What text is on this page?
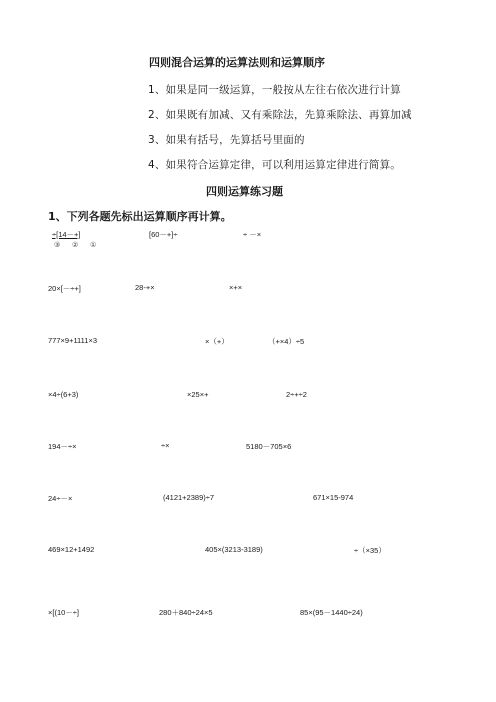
四则混合运算的运算法则和运算顺序
1、如果是同一级运算，一般按从左往右依次进行计算
2、如果既有加减、又有乘除法，先算乘除法、再算加减
3、如果有括号，先算括号里面的
4、如果符合运算定律，可以利用运算定律进行简算。
四则运算练习题
1、下列各题先标出运算顺序再计算。
÷[14－+]	[60－+]÷	÷ －×
③ ② ①
20×[－÷+]	28-+×	×+×
777×9+1111×3	×（+）	（+×4）÷5
×4÷(6+3)	×25×+	2÷+÷2
194－÷×	÷×	5180－705×6
24÷－×	(4121+2389)÷7	671×15-974
469×12+1492	405×(3213-3189)	÷（×35）
×[(10－÷]	280＋840÷24×5	85×(95－1440÷24)
